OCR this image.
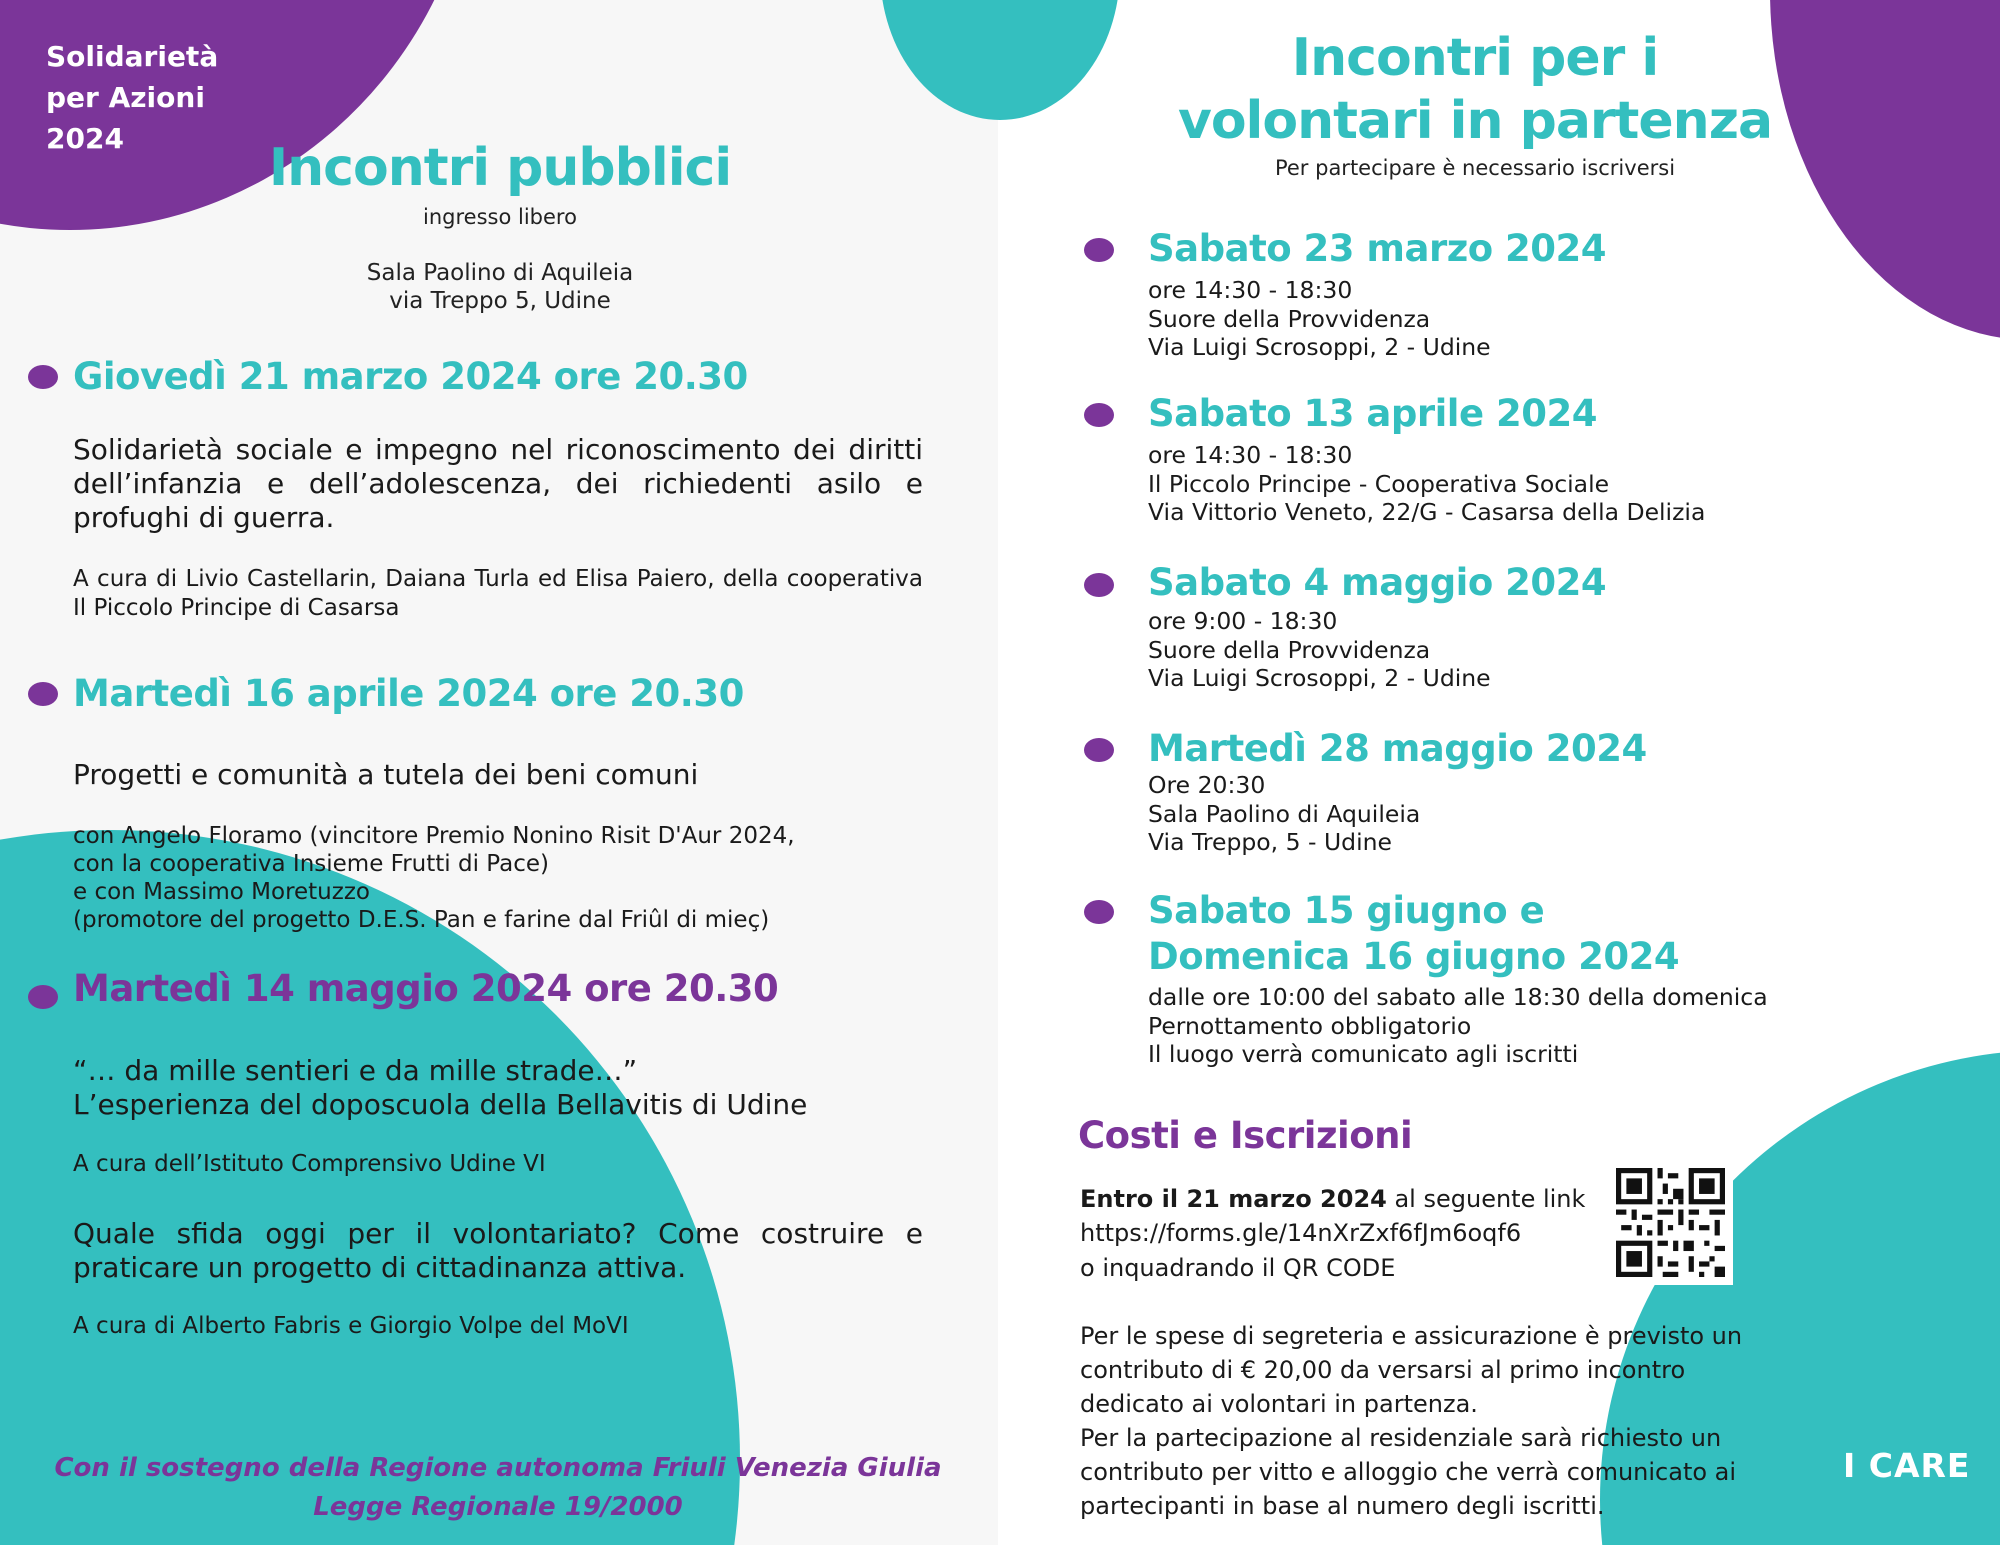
Solidarietà
per Azioni
2024	Incontri pubblici
ingresso libero
Sala Paolino di Aquileia
via Treppo 5, Udine
Giovedì 21 marzo 2024 ore 20.30
Solidarietà sociale e impegno nel riconoscimento dei diritti dell’infanzia e dell’adolescenza, dei richiedenti asilo e profughi di guerra.
A cura di Livio Castellarin, Daiana Turla ed Elisa Paiero, della cooperativa Il Piccolo Principe di Casarsa
Martedì 16 aprile 2024 ore 20.30
Progetti e comunità a tutela dei beni comuni
con Angelo Floramo (vincitore Premio Nonino Risit D'Aur 2024,
con la cooperativa Insieme Frutti di Pace)
e con Massimo Moretuzzo
(promotore del progetto D.E.S. Pan e farine dal Friûl di mieç)
Martedì 14 maggio 2024 ore 20.30
“… da mille sentieri e da mille strade…”
L’esperienza del doposcuola della Bellavitis di Udine
A cura dell’Istituto Comprensivo Udine VI
Quale sfida oggi per il volontariato? Come costruire e praticare un progetto di cittadinanza attiva.
A cura di Alberto Fabris e Giorgio Volpe del MoVI
Con il sostegno della Regione autonoma Friuli Venezia Giulia
Legge Regionale 19/2000
Incontri per i
volontari in partenza
Per partecipare è necessario iscriversi
Sabato 23 marzo 2024
ore 14:30 - 18:30
Suore della Provvidenza
Via Luigi Scrosoppi, 2 - Udine
Sabato 13 aprile 2024
ore 14:30 - 18:30
Il Piccolo Principe - Cooperativa Sociale
Via Vittorio Veneto, 22/G - Casarsa della Delizia
Sabato 4 maggio 2024
ore 9:00 - 18:30
Suore della Provvidenza
Via Luigi Scrosoppi, 2 - Udine
Martedì 28 maggio 2024
Ore 20:30
Sala Paolino di Aquileia
Via Treppo, 5 - Udine
Sabato 15 giugno e
Domenica 16 giugno 2024
dalle ore 10:00 del sabato alle 18:30 della domenica
Pernottamento obbligatorio
Il luogo verrà comunicato agli iscritti
Costi e Iscrizioni
Entro il 21 marzo 2024 al seguente link
https://forms.gle/14nXrZxf6fJm6oqf6
o inquadrando il QR CODE
Per le spese di segreteria e assicurazione è previsto un
contributo di € 20,00 da versarsi al primo incontro
dedicato ai volontari in partenza.
Per la partecipazione al residenziale sarà richiesto un
contributo per vitto e alloggio che verrà comunicato ai
partecipanti in base al numero degli iscritti.
I CARE
